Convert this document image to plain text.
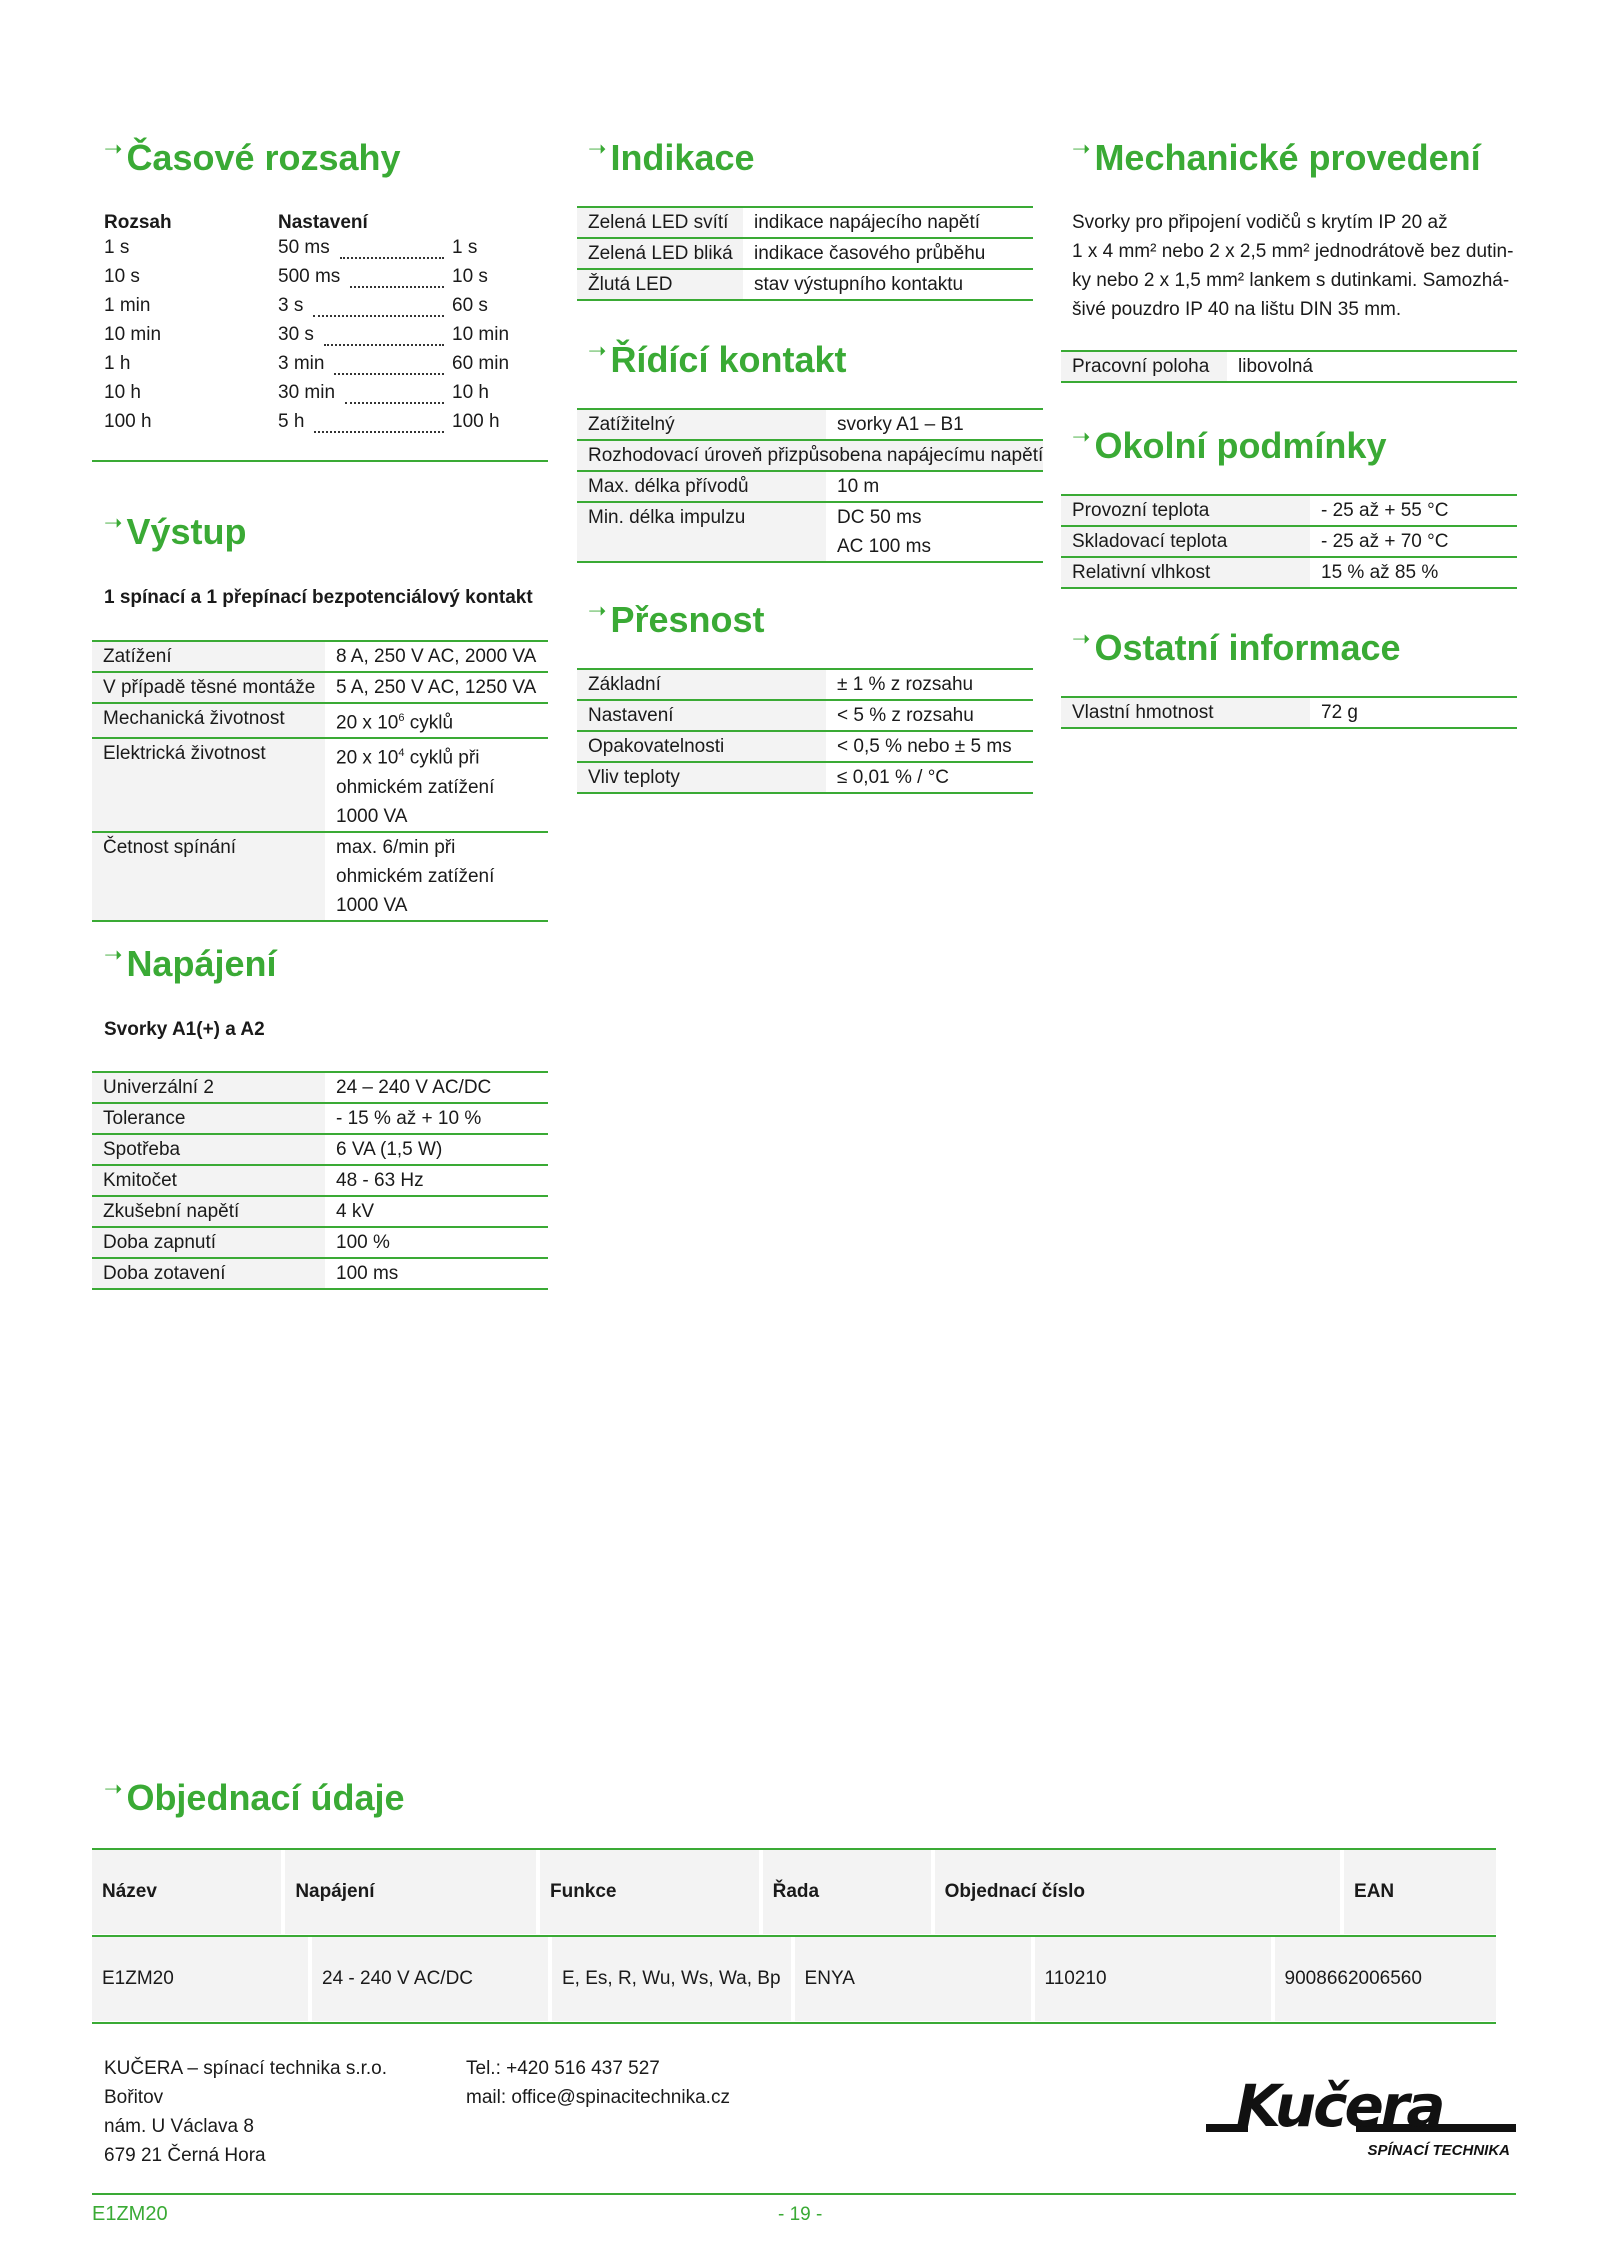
➝ Časové rozsahy
Rozsah	Nastavení
1 s	50 ms	1 s
10 s	500 ms	10 s
1 min	3 s	60 s
10 min	30 s	10 min
1 h	3 min	60 min
10 h	30 min	10 h
100 h	5 h	100 h
➝ Výstup
1 spínací a 1 přepínací bezpotenciálový kontakt
Zatížení	8 A, 250 V AC, 2000 VA
V případě těsné montáže	5 A, 250 V AC, 1250 VA
Mechanická životnost	20 x $10^6$ cyklů
Elektrická životnost	20 x $10^4$ cyklů při
ohmickém zatížení
1000 VA
Četnost spínání	max. 6/min při
ohmickém zatížení
1000 VA
➝ Napájení
Svorky A1(+) a A2
Univerzální 2	24 – 240 V AC/DC
Tolerance	- 15 % až + 10 %
Spotřeba	6 VA (1,5 W)
Kmitočet	48 - 63 Hz
Zkušební napětí	4 kV
Doba zapnutí	100 %
Doba zotavení	100 ms
➝ Indikace
Zelená LED svítí	indikace napájecího napětí
Zelená LED bliká	indikace časového průběhu
Žlutá LED	stav výstupního kontaktu
➝ Řídící kontakt
Zatížitelný	svorky A1 – B1
Rozhodovací úroveň přizpůsobena napájecímu napětí	
Max. délka přívodů	10 m
Min. délka impulzu	DC 50 ms
AC 100 ms
➝ Přesnost
Základní	± 1 % z rozsahu
Nastavení	< 5 % z rozsahu
Opakovatelnosti	< 0,5 % nebo ± 5 ms
Vliv teploty	≤ 0,01 % / °C
➝ Mechanické provedení
Svorky pro připojení vodičů s krytím IP 20 až
1 x 4 mm² nebo 2 x 2,5 mm² jednodrátově bez dutin-
ky nebo 2 x 1,5 mm² lankem s dutinkami. Samozhá-
šivé pouzdro IP 40 na lištu DIN 35 mm.
Pracovní poloha	libovolná
➝ Okolní podmínky
Provozní teplota	- 25 až + 55 °C
Skladovací teplota	- 25 až + 70 °C
Relativní vlhkost	15 % až 85 %
➝ Ostatní informace
Vlastní hmotnost	72 g
➝ Objednací údaje
Název	Napájení	Funkce	Řada	Objednací číslo	EAN
E1ZM20	24 - 240 V AC/DC	E, Es, R, Wu, Ws, Wa, Bp	ENYA	110210	9008662006560
KUČERA – spínací technika s.r.o.
Bořitov
nám. U Václava 8
679 21 Černá Hora
Tel.: +420 516 437 527
mail: office@spinacitechnika.cz	Kučera
SPÍNACÍ TECHNIKA
E1ZM20	- 19 -
